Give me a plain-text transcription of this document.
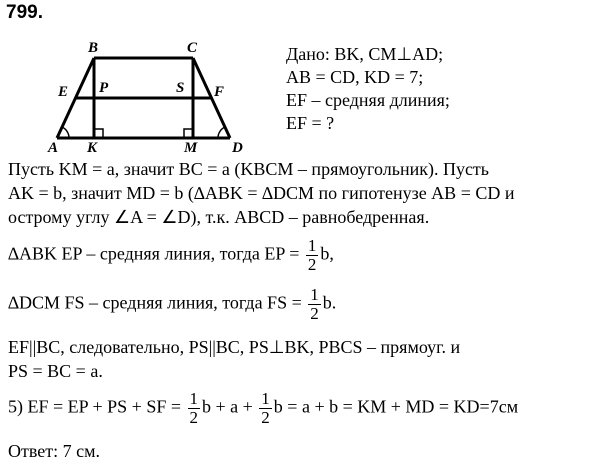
799.
A
B	C
D
E	F
K	M
P	S
Дано: BK, CM⊥AD;
AB = CD, KD = 7;
EF – средняя длиния;
EF = ?
Пусть KM = a, значит BC = a (KBCM – прямоугольник). Пусть
AK = b, значит MD = b (∆ABK = ∆DCM по гипотенузе AB = CD и
острому углу ∠A = ∠D), т.к. ABCD – равнобедренная.
∆ABK EP – средняя линия, тогда EP = $\frac{1}{2} b$,
∆DCM FS – средняя линия, тогда FS = $\frac{1}{2} b$.
EF||BC, следовательно, PS||BC, PS⊥BK, PBCS – прямоуг. и
PS = BC = a.
5) EF = EP + PS + SF = $\frac{1}{2}$ $b + a + \frac{1}{2}$ b = a + b = KM + MD = KD=7см
Ответ: 7 см.
